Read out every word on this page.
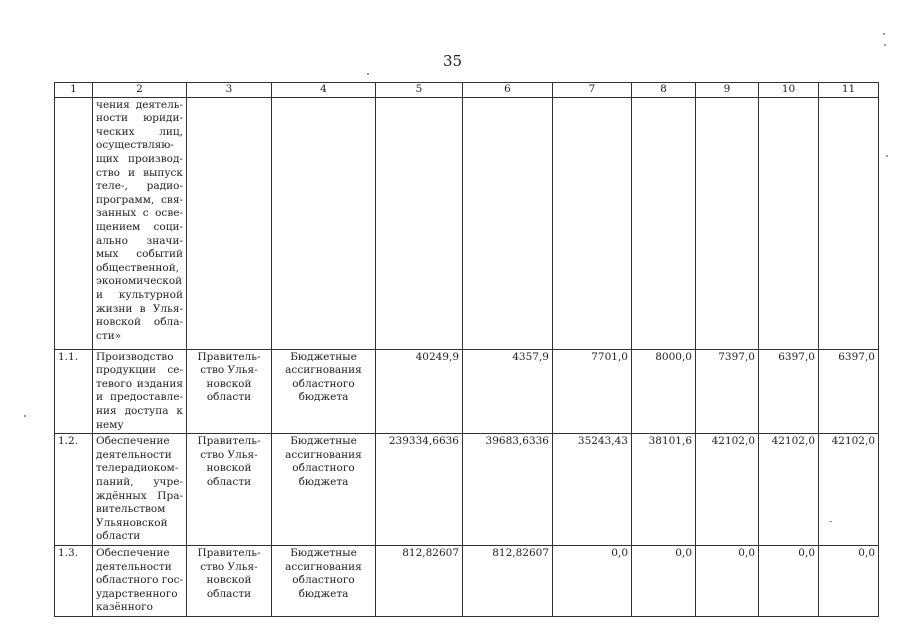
35
1	2	3	4	5	6	7	8	9	10	11
	чения деятель-ности юриди-ческих лиц, осуществляю-щих производ-ство и выпуск теле-, радио-программ, свя-занных с осве-щением соци-ально значи-мых событий общественной, экономической и культурной жизни в Улья-новской обла-сти»									
1.1.	Производство продукции се-тевого издания и предоставле-ния доступа к нему	Правитель-ство Улья-новской области	Бюджетные ассигнования областного бюджета	40249,9	4357,9	7701,0	8000,0	7397,0	6397,0	6397,0
1.2.	Обеспечение деятельности телерадиоком-паний, учре-ждённых Пра-вительством Ульяновской области	Правитель-ство Улья-новской области	Бюджетные ассигнования областного бюджета	239334,6636	39683,6336	35243,43	38101,6	42102,0	42102,0	42102,0
1.3.	Обеспечение деятельности областного гос-ударственного казённого	Правитель-ство Улья-новской области	Бюджетные ассигнования областного бюджета	812,82607	812,82607	0,0	0,0	0,0	0,0	0,0
